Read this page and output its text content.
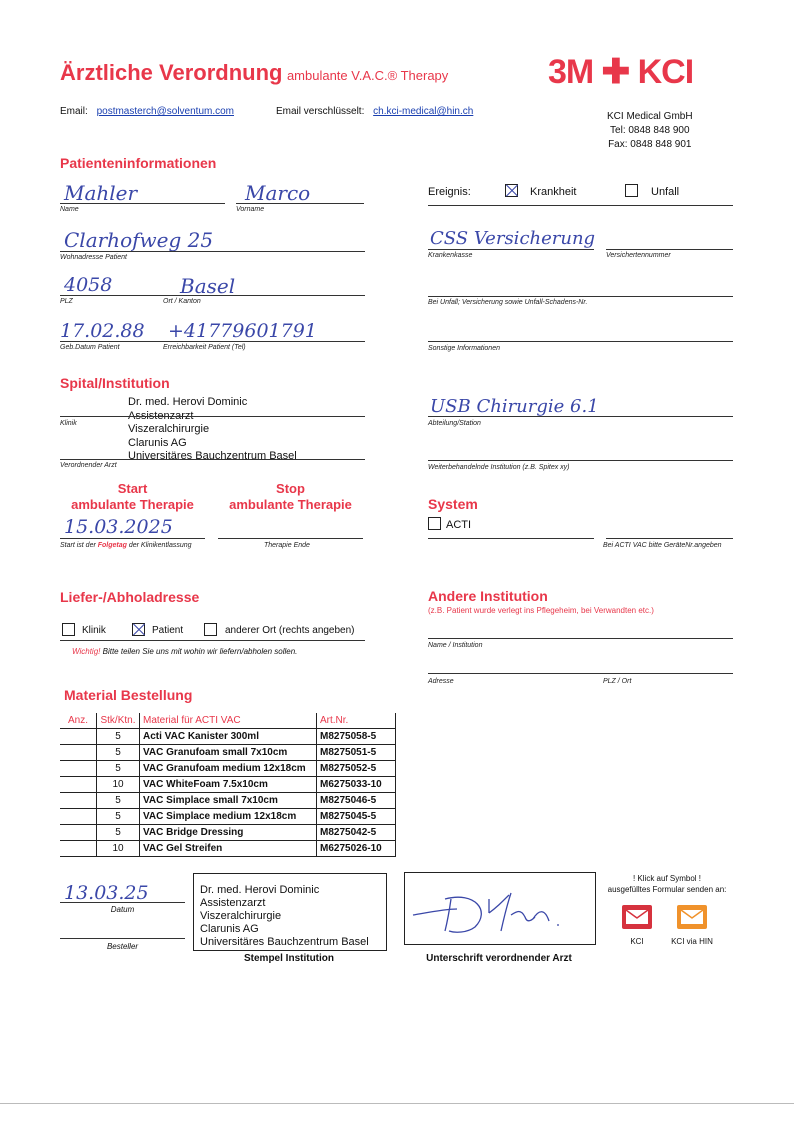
Ärztliche Verordnung ambulante V.A.C.® Therapy	3M ✚ KCI
Email: postmasterch@solventum.com	Email verschlüsselt: ch.kci-medical@hin.ch	KCI Medical GmbH
Tel: 0848 848 900
Fax: 0848 848 901
Patienteninformationen
Mahler
Name
Marco
Vorname
Clarhofweg 25
Wohnadresse Patient
4058	Basel
PLZ	Ort / Kanton
17.02.88 +41779601791
Geb.Datum Patient	Erreichbarkeit Patient (Tel)
Ereignis:	Krankheit	Unfall
CSS Versicherung
Krankenkasse	Versichertennummer
Bei Unfall; Versicherung sowie Unfall-Schadens-Nr.
Sonstige Informationen
Spital/Institution
Dr. med. Herovi Dominic
Assistenzarzt
Viszeralchirurgie
Clarunis AG
Universitäres Bauchzentrum Basel
Klinik
Verordnender Arzt
USB Chirurgie 6.1
Abteilung/Station
Weiterbehandelnde Institution (z.B. Spitex xy)
Start
ambulante Therapie
Stop
ambulante Therapie
15.03.2025
Start ist der Folgetag der Klinikentlassung	Therapie Ende
System
ACTI
Bei ACTI VAC bitte GeräteNr.angeben
Liefer-/Abholadresse
Klinik	Patient	anderer Ort (rechts angeben)
Wichtig! Bitte teilen Sie uns mit wohin wir liefern/abholen sollen.
Andere Institution
(z.B. Patient wurde verlegt ins Pflegeheim, bei Verwandten etc.)
Name / Institution
Adresse	PLZ / Ort
Material Bestellung
Anz.	Stk/Ktn.	Material für ACTI VAC	Art.Nr.
	5	Acti VAC Kanister 300ml	M8275058-5
	5	VAC Granufoam small 7x10cm	M8275051-5
	5	VAC Granufoam medium 12x18cm	M8275052-5
	10	VAC WhiteFoam 7.5x10cm	M6275033-10
	5	VAC Simplace small 7x10cm	M8275046-5
	5	VAC Simplace medium 12x18cm	M8275045-5
	5	VAC Bridge Dressing	M8275042-5
	10	VAC Gel Streifen	M6275026-10
13.03.25
Datum
Besteller
Dr. med. Herovi Dominic
Assistenzarzt
Viszeralchirurgie
Clarunis AG
Universitäres Bauchzentrum Basel
Stempel Institution	Unterschrift verordnender Arzt
! Klick auf Symbol !
ausgefülltes Formular senden an:
KCI	KCI via HIN
